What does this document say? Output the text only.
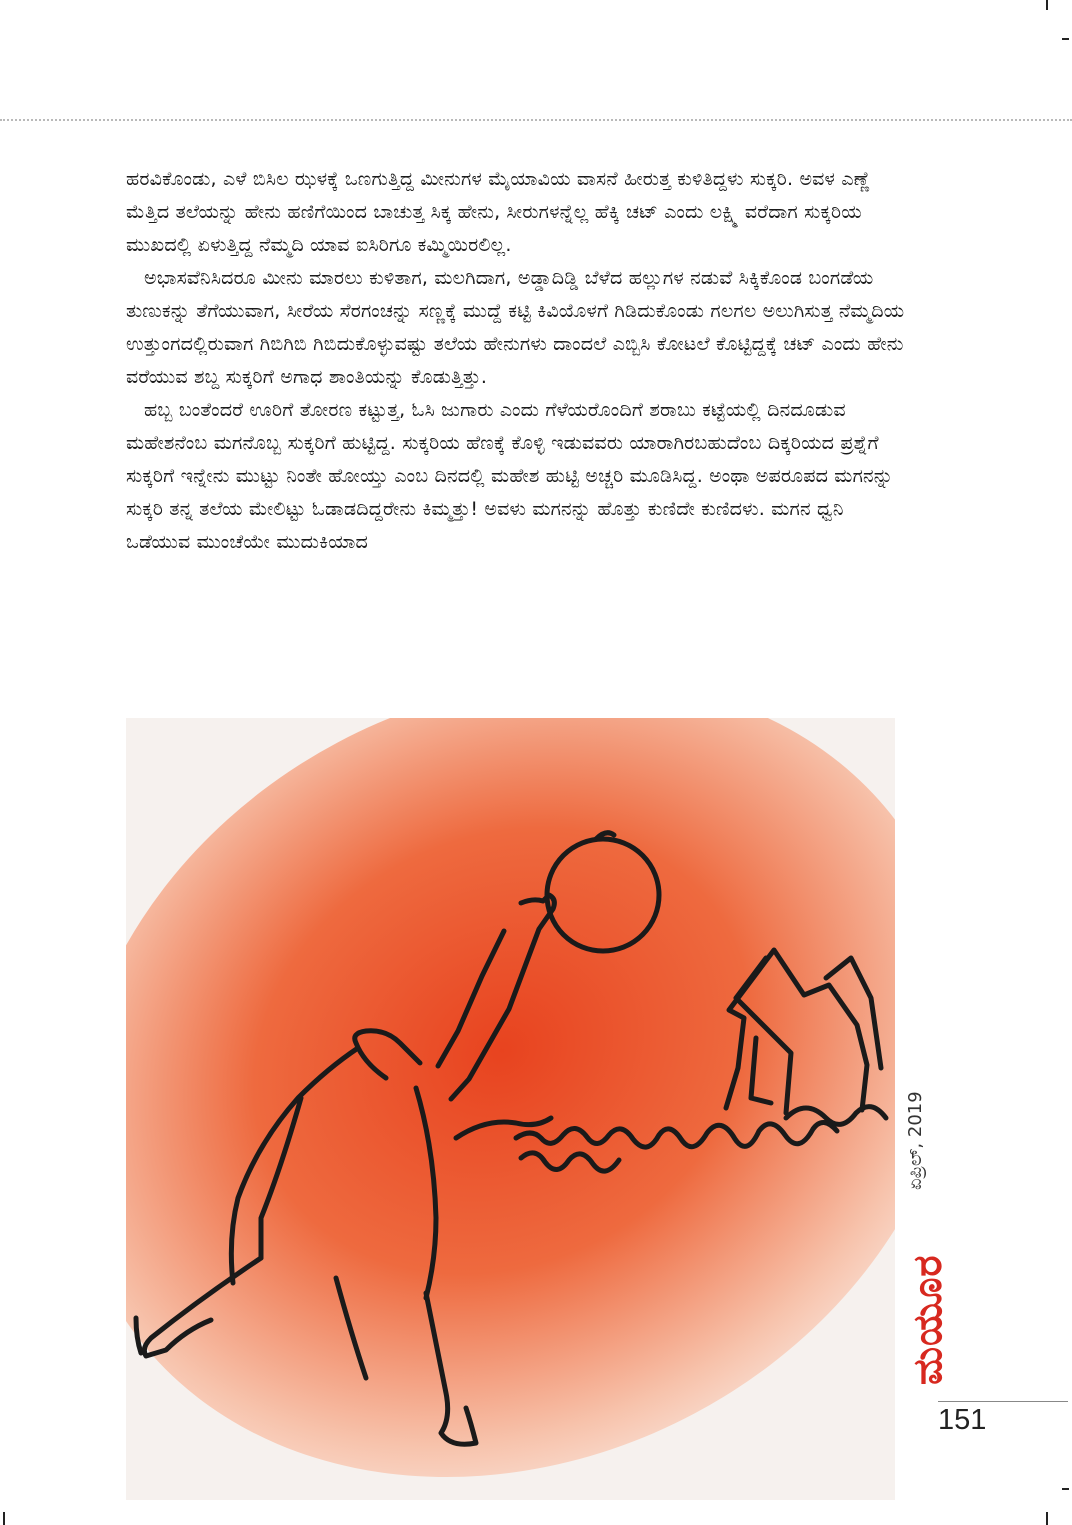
ಹರವಿಕೊಂಡು, ಎಳೆ ಬಿಸಿಲ ಝಳಕ್ಕೆ ಒಣಗುತ್ತಿದ್ದ ಮೀನುಗಳ ಮೈಯಾವಿಯ ವಾಸನೆ ಹೀರುತ್ತ ಕುಳಿತಿದ್ದಳು ಸುಕ್ಕರಿ. ಅವಳ ಎಣ್ಣೆ ಮೆತ್ತಿದ ತಲೆಯನ್ನು ಹೇನು ಹಣಿಗೆಯಿಂದ ಬಾಚುತ್ತ ಸಿಕ್ಕ ಹೇನು, ಸೀರುಗಳನ್ನೆಲ್ಲ ಹೆಕ್ಕಿ ಚಟ್ ಎಂದು ಲಕ್ಷ್ಮಿ ವರೆದಾಗ ಸುಕ್ಕರಿಯ ಮುಖದಲ್ಲಿ ಏಳುತ್ತಿದ್ದ ನೆಮ್ಮದಿ ಯಾವ ಐಸಿರಿಗೂ ಕಮ್ಮಿಯಿರಲಿಲ್ಲ.

ಅಭಾಸವೆನಿಸಿದರೂ ಮೀನು ಮಾರಲು ಕುಳಿತಾಗ, ಮಲಗಿದಾಗ, ಅಡ್ಡಾದಿಡ್ಡಿ ಬೆಳೆದ ಹಲ್ಲುಗಳ ನಡುವೆ ಸಿಕ್ಕಿಕೊಂಡ ಬಂಗಡೆಯ ತುಣುಕನ್ನು ತೆಗೆಯುವಾಗ, ಸೀರೆಯ ಸೆರಗಂಚನ್ನು ಸಣ್ಣಕ್ಕೆ ಮುದ್ದೆ ಕಟ್ಟಿ ಕಿವಿಯೊಳಗೆ ಗಿಡಿದುಕೊಂಡು ಗಲಗಲ ಅಲುಗಿಸುತ್ತ ನೆಮ್ಮದಿಯ ಉತ್ತುಂಗದಲ್ಲಿರುವಾಗ ಗಿಬಿಗಿಬಿ ಗಿಬಿದುಕೊಳ್ಳುವಷ್ಟು ತಲೆಯ ಹೇನುಗಳು ದಾಂದಲೆ ಎಬ್ಬಿಸಿ ಕೋಟಲೆ ಕೊಟ್ಟಿದ್ದಕ್ಕೆ ಚಟ್ ಎಂದು ಹೇನು ವರೆಯುವ ಶಬ್ದ ಸುಕ್ಕರಿಗೆ ಅಗಾಧ ಶಾಂತಿಯನ್ನು ಕೊಡುತ್ತಿತ್ತು.

ಹಬ್ಬ ಬಂತೆಂದರೆ ಊರಿಗೆ ತೋರಣ ಕಟ್ಟುತ್ತ, ಓಸಿ ಜುಗಾರು ಎಂದು ಗೆಳೆಯರೊಂದಿಗೆ ಶರಾಬು ಕಟ್ಟೆಯಲ್ಲಿ ದಿನದೂಡುವ ಮಹೇಶನೆಂಬ ಮಗನೊಬ್ಬ ಸುಕ್ಕರಿಗೆ ಹುಟ್ಟಿದ್ದ. ಸುಕ್ಕರಿಯ ಹೆಣಕ್ಕೆ ಕೊಳ್ಳಿ ಇಡುವವರು ಯಾರಾಗಿರಬಹುದೆಂಬ ದಿಕ್ಕರಿಯದ ಪ್ರಶ್ನೆಗೆ ಸುಕ್ಕರಿಗೆ ಇನ್ನೇನು ಮುಟ್ಟು ನಿಂತೇ ಹೋಯ್ತು ಎಂಬ ದಿನದಲ್ಲಿ ಮಹೇಶ ಹುಟ್ಟಿ ಅಚ್ಚರಿ ಮೂಡಿಸಿದ್ದ. ಅಂಥಾ ಅಪರೂಪದ ಮಗನನ್ನು ಸುಕ್ಕರಿ ತನ್ನ ತಲೆಯ ಮೇಲಿಟ್ಟು ಓಡಾಡದಿದ್ದರೇನು ಕಿಮ್ಮತ್ತು! ಅವಳು ಮಗನನ್ನು ಹೊತ್ತು ಕುಣಿದೇ ಕುಣಿದಳು. ಮಗನ ಧ್ವನಿ ಒಡೆಯುವ ಮುಂಚೆಯೇ ಮುದುಕಿಯಾದ

ಏಪ್ರಿಲ್, 2019
ಮಯೂರ
151
